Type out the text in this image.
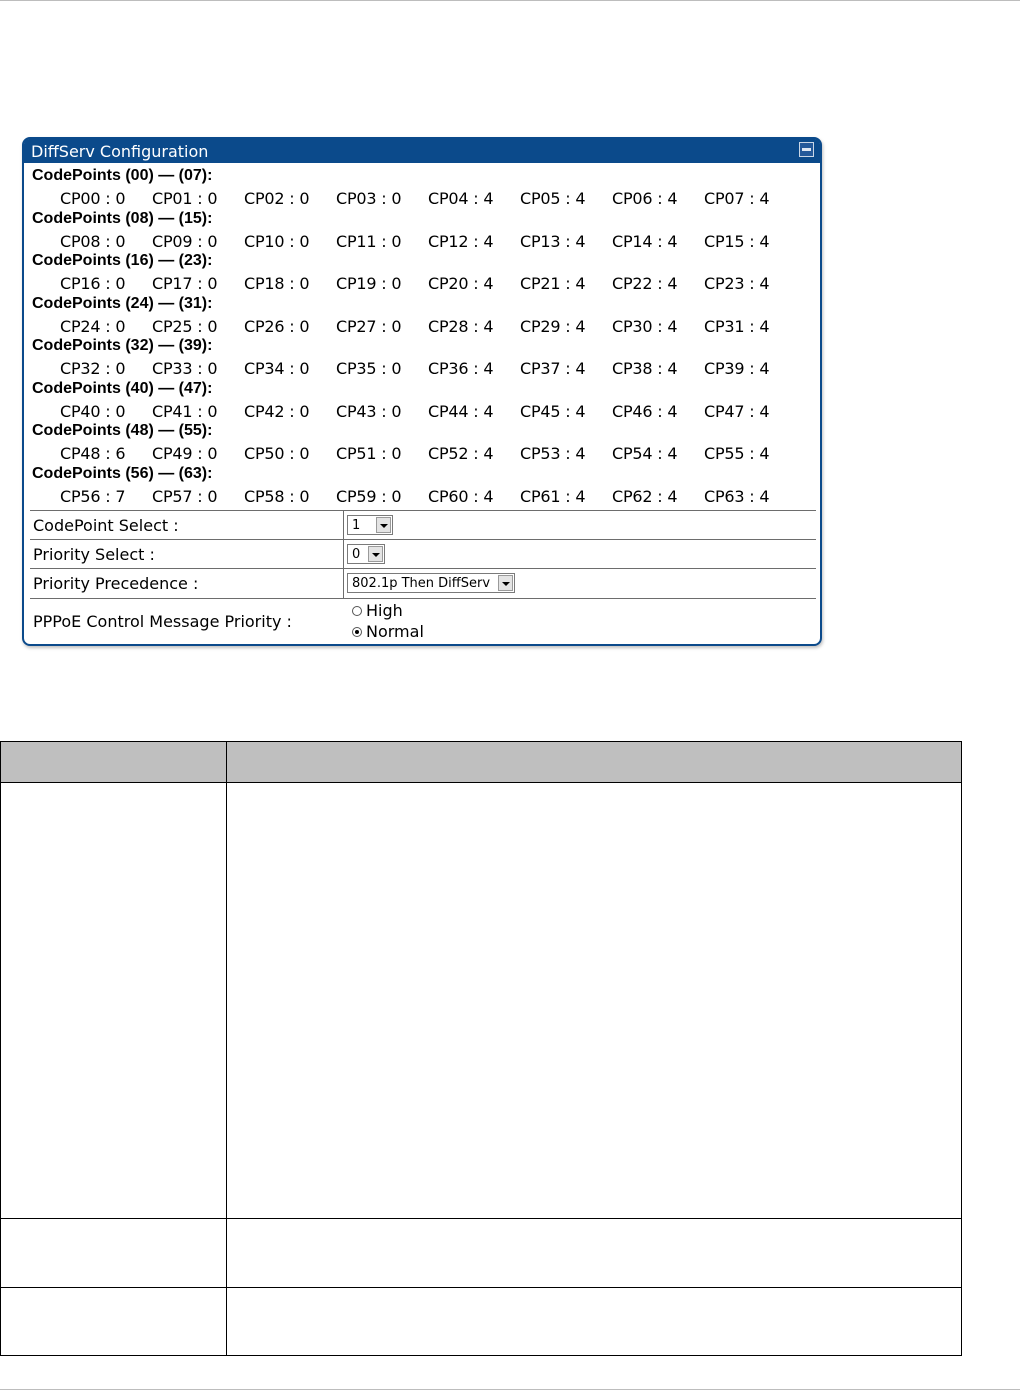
DiffServ Configuration
CodePoints (00) — (07):
CP00 : 0 CP01 : 0 CP02 : 0 CP03 : 0 CP04 : 4 CP05 : 4 CP06 : 4 CP07 : 4
CodePoints (08) — (15):
CP08 : 0 CP09 : 0 CP10 : 0 CP11 : 0 CP12 : 4 CP13 : 4 CP14 : 4 CP15 : 4
CodePoints (16) — (23):
CP16 : 0 CP17 : 0 CP18 : 0 CP19 : 0 CP20 : 4 CP21 : 4 CP22 : 4 CP23 : 4
CodePoints (24) — (31):
CP24 : 0 CP25 : 0 CP26 : 0 CP27 : 0 CP28 : 4 CP29 : 4 CP30 : 4 CP31 : 4
CodePoints (32) — (39):
CP32 : 0 CP33 : 0 CP34 : 0 CP35 : 0 CP36 : 4 CP37 : 4 CP38 : 4 CP39 : 4
CodePoints (40) — (47):
CP40 : 0 CP41 : 0 CP42 : 0 CP43 : 0 CP44 : 4 CP45 : 4 CP46 : 4 CP47 : 4
CodePoints (48) — (55):
CP48 : 6 CP49 : 0 CP50 : 0 CP51 : 0 CP52 : 4 CP53 : 4 CP54 : 4 CP55 : 4
CodePoints (56) — (63):
CP56 : 7 CP57 : 0 CP58 : 0 CP59 : 0 CP60 : 4 CP61 : 4 CP62 : 4 CP63 : 4
CodePoint Select :	1
Priority Select :	0
Priority Precedence :	802.1p Then DiffServ
PPPoE Control Message Priority :
High
Normal
